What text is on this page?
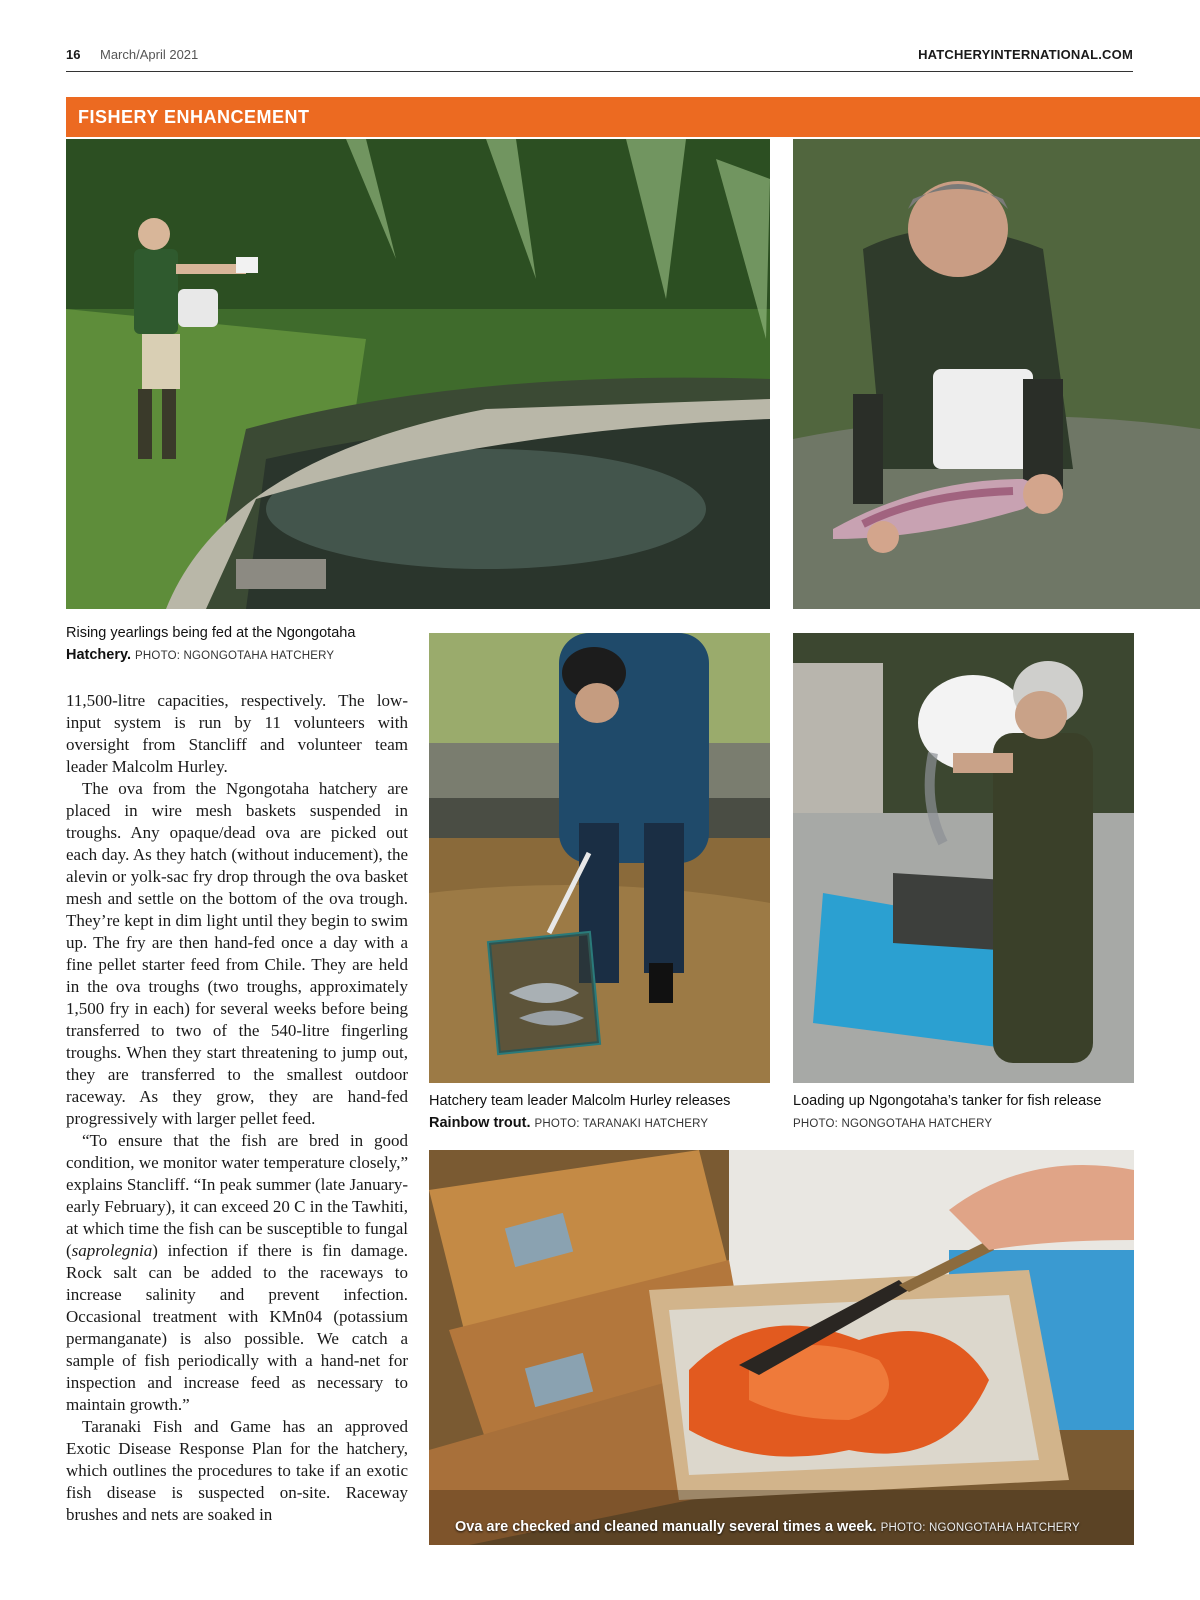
16 March/April 2021	HATCHERYINTERNATIONAL.COM
FISHERY ENHANCEMENT
Rising yearlings being fed at the Ngongotaha
Hatchery. PHOTO: NGONGOTAHA HATCHERY

11,500-litre capacities, respectively. The low-input system is run by 11 volunteers with oversight from Stancliff and volunteer team leader Malcolm Hurley.

The ova from the Ngongotaha hatchery are placed in wire mesh baskets suspended in troughs. Any opaque/dead ova are picked out each day. As they hatch (without inducement), the alevin or yolk-sac fry drop through the ova basket mesh and settle on the bottom of the ova trough. They’re kept in dim light until they begin to swim up. The fry are then hand-fed once a day with a fine pellet starter feed from Chile. They are held in the ova troughs (two troughs, approximately 1,500 fry in each) for several weeks before being transferred to two of the 540-litre fingerling troughs. When they start threatening to jump out, they are transferred to the smallest outdoor raceway. As they grow, they are hand-fed progressively with larger pellet feed.

“To ensure that the fish are bred in good condition, we monitor water temperature closely,” explains Stancliff. “In peak summer (late January-early February), it can exceed 20 C in the Tawhiti, at which time the fish can be susceptible to fungal (saprolegnia) infection if there is fin damage. Rock salt can be added to the raceways to increase salinity and prevent infection. Occasional treatment with KMn04 (potassium permanganate) is also possible. We catch a sample of fish periodically with a hand-net for inspection and increase feed as necessary to maintain growth.”

Taranaki Fish and Game has an approved Exotic Disease Response Plan for the hatchery, which outlines the procedures to take if an exotic fish disease is suspected on-site. Raceway brushes and nets are soaked in

Hatchery team leader Malcolm Hurley releases
Rainbow trout. PHOTO: TARANAKI HATCHERY
Loading up Ngongotaha’s tanker for fish release
PHOTO: NGONGOTAHA HATCHERY
Ova are checked and cleaned manually several times a week. PHOTO: NGONGOTAHA HATCHERY
